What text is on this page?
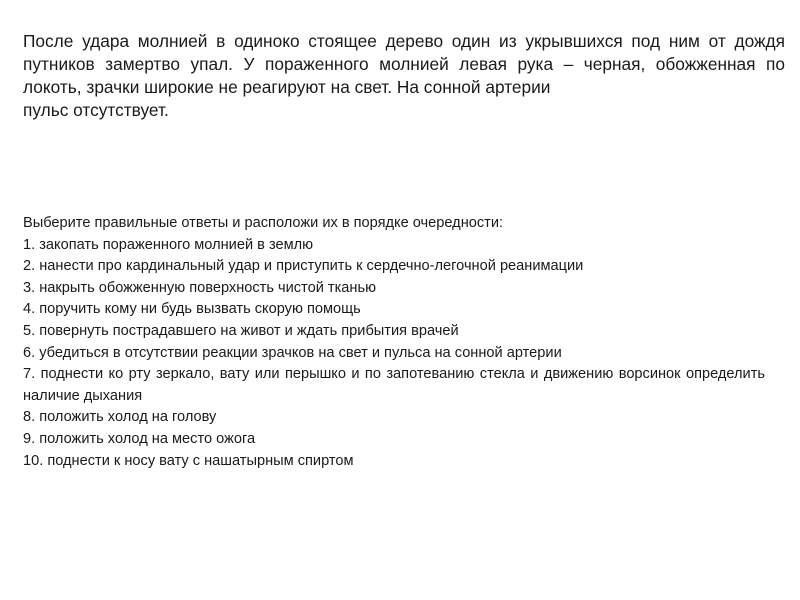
После удара молнией в одиноко стоящее дерево один из укрывшихся под ним от дождя путников замертво упал. У пораженного молнией левая рука – черная, обожженная по локоть, зрачки широкие не реагируют на свет. На сонной артерии

пульс отсутствует.

Выберите правильные ответы и расположи их в порядке очередности:

1. закопать пораженного молнией в землю
2. нанести про кардинальный удар и приступить к сердечно-легочной реанимации
3. накрыть обожженную поверхность чистой тканью
4. поручить кому ни будь вызвать скорую помощь
5. повернуть пострадавшего на живот и ждать прибытия врачей
6. убедиться в отсутствии реакции зрачков на свет и пульса на сонной артерии
7. поднести ко рту зеркало, вату или перышко и по запотеванию стекла и движению ворсинок определить наличие дыхания
8. положить холод на голову
9. положить холод на место ожога
10. поднести к носу вату с нашатырным спиртом
